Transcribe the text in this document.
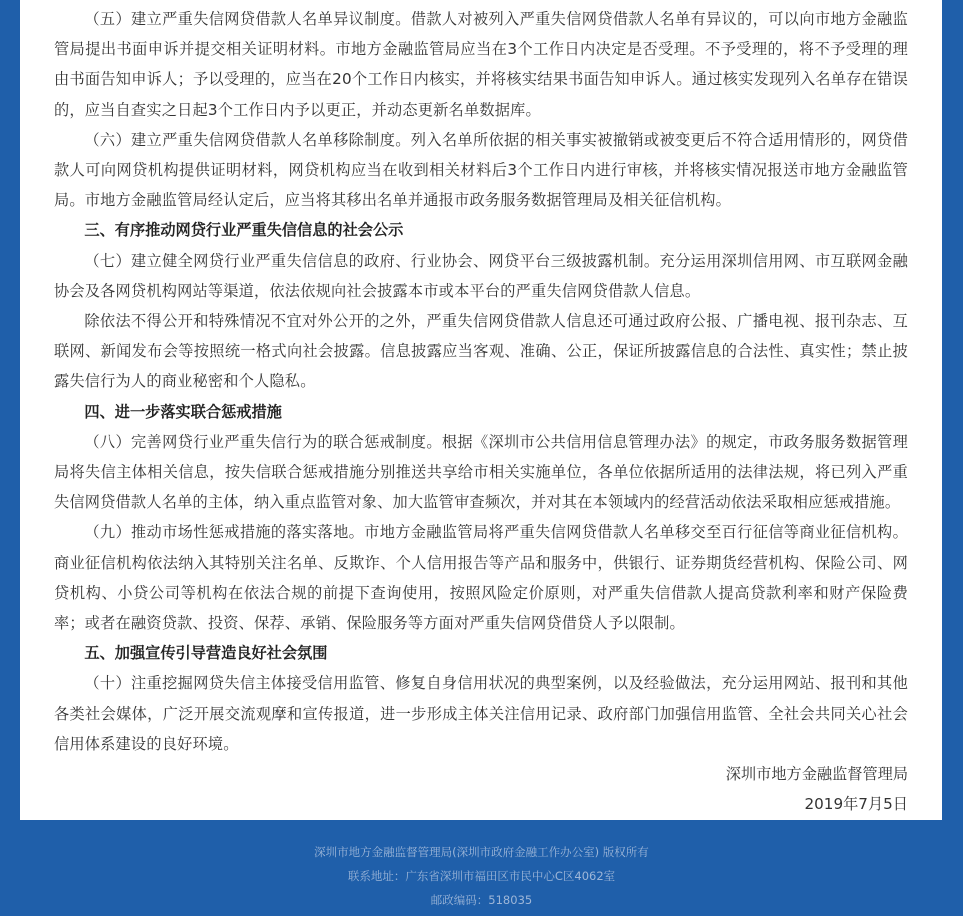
（五）建立严重失信网贷借款人名单异议制度。借款人对被列入严重失信网贷借款人名单有异议的，可以向市地方金融监管局提出书面申诉并提交相关证明材料。市地方金融监管局应当在3个工作日内决定是否受理。不予受理的，将不予受理的理由书面告知申诉人；予以受理的，应当在20个工作日内核实，并将核实结果书面告知申诉人。通过核实发现列入名单存在错误的，应当自查实之日起3个工作日内予以更正，并动态更新名单数据库。

（六）建立严重失信网贷借款人名单移除制度。列入名单所依据的相关事实被撤销或被变更后不符合适用情形的，网贷借款人可向网贷机构提供证明材料，网贷机构应当在收到相关材料后3个工作日内进行审核，并将核实情况报送市地方金融监管局。市地方金融监管局经认定后，应当将其移出名单并通报市政务服务数据管理局及相关征信机构。

三、有序推动网贷行业严重失信信息的社会公示

（七）建立健全网贷行业严重失信信息的政府、行业协会、网贷平台三级披露机制。充分运用深圳信用网、市互联网金融协会及各网贷机构网站等渠道，依法依规向社会披露本市或本平台的严重失信网贷借款人信息。

除依法不得公开和特殊情况不宜对外公开的之外，严重失信网贷借款人信息还可通过政府公报、广播电视、报刊杂志、互联网、新闻发布会等按照统一格式向社会披露。信息披露应当客观、准确、公正，保证所披露信息的合法性、真实性；禁止披露失信行为人的商业秘密和个人隐私。

四、进一步落实联合惩戒措施

（八）完善网贷行业严重失信行为的联合惩戒制度。根据《深圳市公共信用信息管理办法》的规定，市政务服务数据管理局将失信主体相关信息，按失信联合惩戒措施分别推送共享给市相关实施单位，各单位依据所适用的法律法规，将已列入严重失信网贷借款人名单的主体，纳入重点监管对象、加大监管审查频次，并对其在本领域内的经营活动依法采取相应惩戒措施。

（九）推动市场性惩戒措施的落实落地。市地方金融监管局将严重失信网贷借款人名单移交至百行征信等商业征信机构。商业征信机构依法纳入其特别关注名单、反欺诈、个人信用报告等产品和服务中，供银行、证券期货经营机构、保险公司、网贷机构、小贷公司等机构在依法合规的前提下查询使用，按照风险定价原则，对严重失信借款人提高贷款利率和财产保险费率；或者在融资贷款、投资、保荐、承销、保险服务等方面对严重失信网贷借贷人予以限制。

五、加强宣传引导营造良好社会氛围

（十）注重挖掘网贷失信主体接受信用监管、修复自身信用状况的典型案例，以及经验做法，充分运用网站、报刊和其他各类社会媒体，广泛开展交流观摩和宣传报道，进一步形成主体关注信用记录、政府部门加强信用监管、全社会共同关心社会信用体系建设的良好环境。

深圳市地方金融监督管理局

2019年7月5日

深圳市地方金融监督管理局(深圳市政府金融工作办公室) 版权所有

联系地址：广东省深圳市福田区市民中心C区4062室

邮政编码：518035
